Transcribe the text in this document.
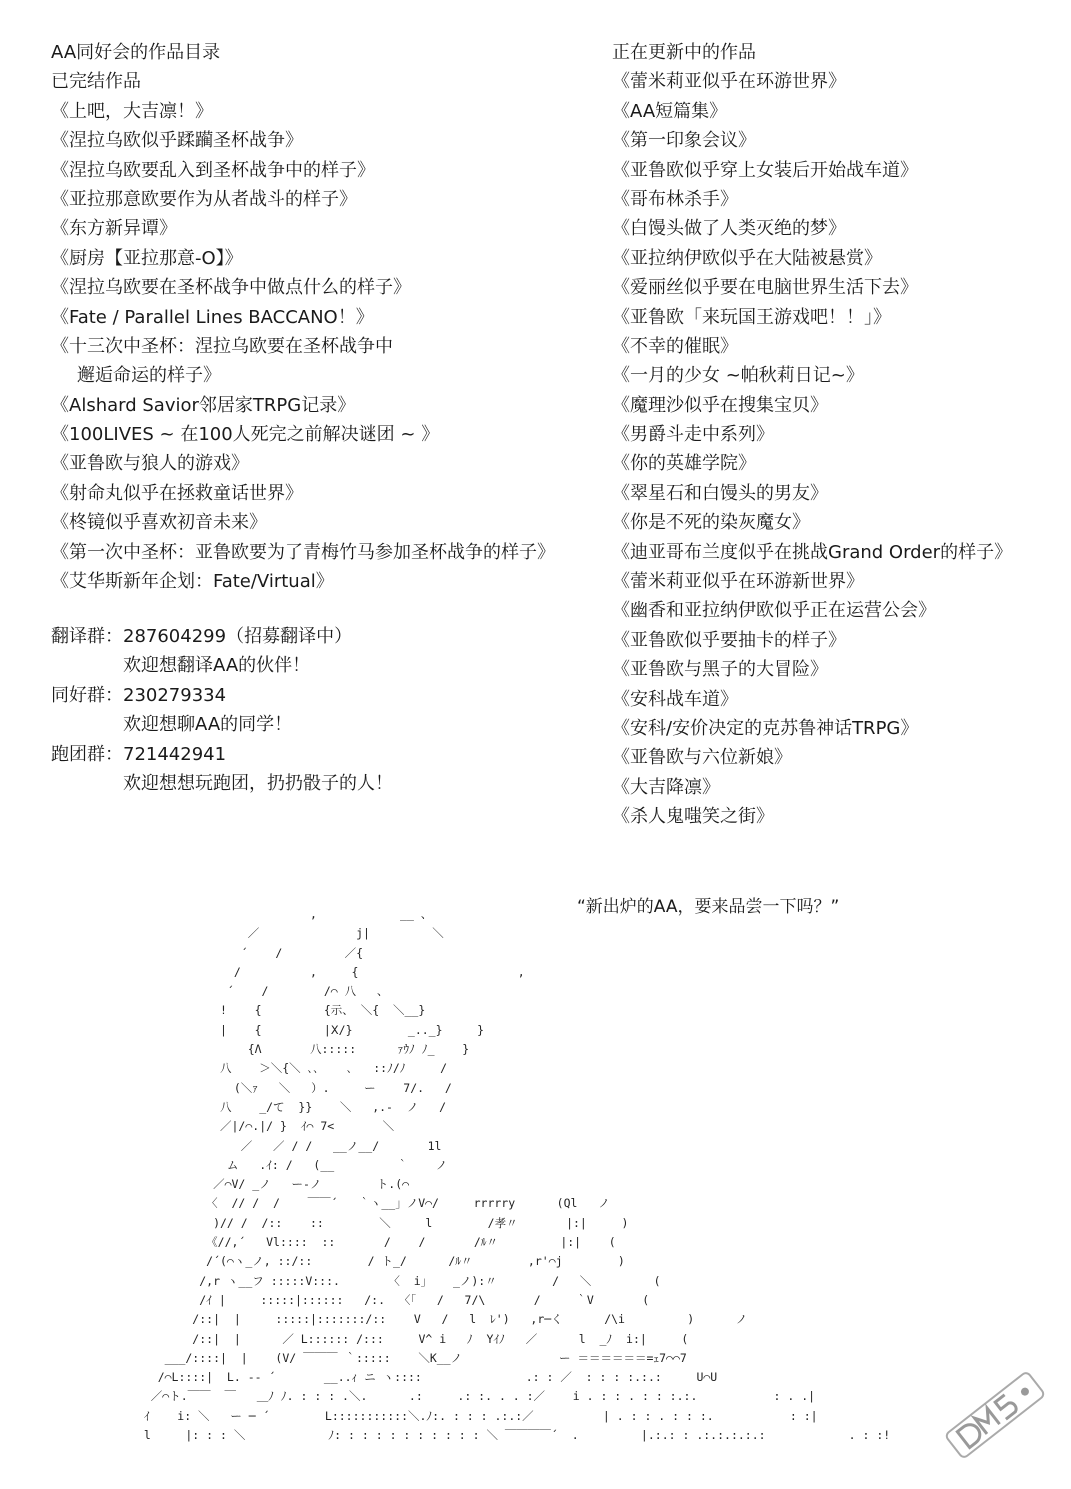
AA同好会的作品目录
已完结作品
《上吧，大吉凛！》
《涅拉乌欧似乎蹂躏圣杯战争》
《涅拉乌欧要乱入到圣杯战争中的样子》
《亚拉那意欧要作为从者战斗的样子》
《东方新异谭》
《厨房【亚拉那意-O】》
《涅拉乌欧要在圣杯战争中做点什么的样子》
《Fate / Parallel Lines BACCANO！》
《十三次中圣杯：涅拉乌欧要在圣杯战争中
邂逅命运的样子》
《Alshard Savior邻居家TRPG记录》
《100LIVES ~ 在100人死完之前解决谜团 ~ 》
《亚鲁欧与狼人的游戏》
《射命丸似乎在拯救童话世界》
《柊镜似乎喜欢初音未来》
《第一次中圣杯：亚鲁欧要为了青梅竹马参加圣杯战争的样子》
《艾华斯新年企划：Fate/Virtual》
翻译群：287604299（招募翻译中）
欢迎想翻译AA的伙伴！
同好群：230279334
欢迎想聊AA的同学！
跑团群：721442941
欢迎想想玩跑团，扔扔骰子的人！
正在更新中的作品
《蕾米莉亚似乎在环游世界》
《AA短篇集》
《第一印象会议》
《亚鲁欧似乎穿上女装后开始战车道》
《哥布林杀手》
《白馒头做了人类灭绝的梦》
《亚拉纳伊欧似乎在大陆被悬赏》
《爱丽丝似乎要在电脑世界生活下去》
《亚鲁欧「来玩国王游戏吧！！」》
《不幸的催眠》
《一月的少女 ~帕秋莉日记~》
《魔理沙似乎在搜集宝贝》
《男爵斗走中系列》
《你的英雄学院》
《翠星石和白馒头的男友》
《你是不死的染灰魔女》
《迪亚哥布兰度似乎在挑战Grand Order的样子》
《蕾米莉亚似乎在环游新世界》
《幽香和亚拉纳伊欧似乎正在运营公会》
《亚鲁欧似乎要抽卡的样子》
《亚鲁欧与黑子的大冒险》
《安科战车道》
《安科/安价决定的克苏鲁神话TRPG》
《亚鲁欧与六位新娘》
《大吉降凛》
《杀人鬼嗤笑之街》
“新出炉的AA，要来品尝一下吗？”
,            __ 、
／              j|         ＼
´    /         ／{
/          ,     {                       ,
´    /        /⌒ 八   、
!    {         {示、 ＼{  ＼__}
|    {         |Ⅹ/}        _.._}     }
{Λ       八:::::      ｧｳﾉ ﾉ_    }
八    ＞＼{＼ ､､    ､   ::ﾉ/ﾉ     /
(＼ｧ   ＼   ）.     ー    7/.   /
八    _/て  }}    ＼   ,.-  ノ   /
／|/⌒.|/ }  ｲ⌒ 7<       ＼
／   ／ / /   __ノ__/       1l
ム   .ｲ: /   (__         ｀    ノ
／⌒V/ _ノ   ー-ノ        ト.(⌒
〈  // /  /    ￣￣´   ｀ヽ__」ノV⌒/     rrrrry      (Ql   ノ
)// /  /::    ::        ＼     l        /孝〃       |:|     )
《//,´   Vl::::  ::       /    /       /ﾙ〃         |:|    (
/´(⌒ヽ_ノ, ::/::        / ト_/      /ﾙ〃        ,r'⌒j        )
/,r ヽ__フ :::::V:::.       〈  i」   _ノ):〃        /   ＼         (
/ｲ |     :::::|::::::   /:.  〈「   /   7/\       /     ｀V       (
/::|  |     :::::|:::::::/::    V   /   l  ﾚ')   ,r─く      /\i         )      ノ
/::|  |      ／ L:::::: /:::     V^ i   ﾉ  Yｲﾉ   ／      l  _ﾉ  i:|     (
___/::::|  |    (V/ ￣￣￣ ｀:::::    ＼K__ノ              ー ＝＝＝＝＝＝=ｪ7⌒⌒7
/⌒L::::|  L. -‐ ´       __..ｨ ニ ヽ::::               .: : ／  : : : :.:.:     U⌒U
／⌒ト.￣￣  ￣   ＿ﾉ ﾉ. : : : .＼.      .:     .: :. . . :／    i . : : . : : :.:.           : . .|
ｲ    i: ＼   ー ─ ´        L:::::::::::＼.ﾉ:. : : : .:.:／          | . : : . : : :.           : :|
l     |: : : ＼            ﾉ: : : : : : : : : : : ＼ ￣￣￣￣´  .         |.:.: : .:.:.:.:.:            . : :!
